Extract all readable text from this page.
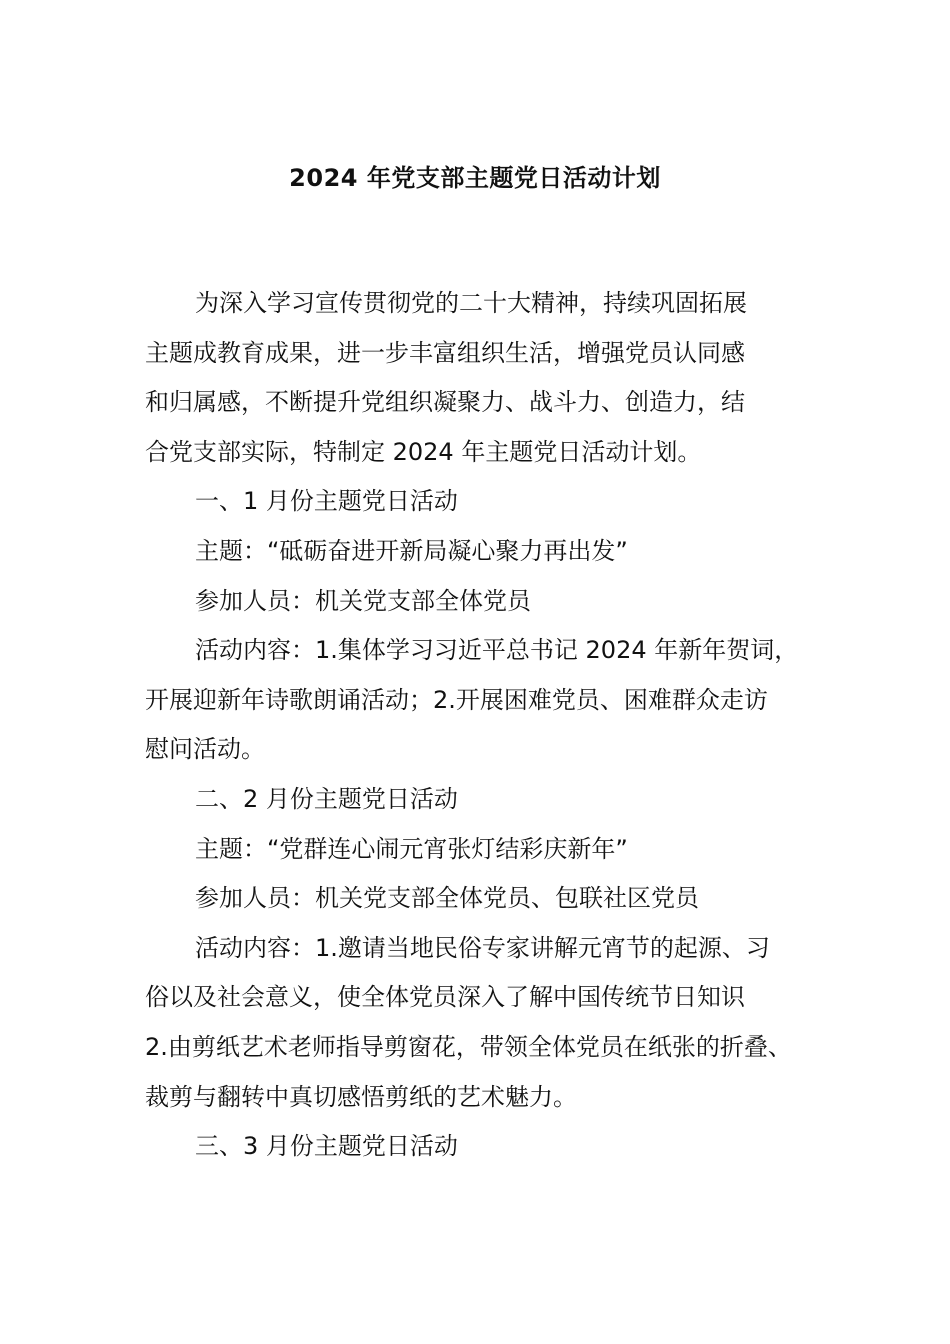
2024 年党支部主题党日活动计划
为深入学习宣传贯彻党的二十大精神，持续巩固拓展
主题成教育成果，进一步丰富组织生活，增强党员认同感
和归属感，不断提升党组织凝聚力、战斗力、创造力，结
合党支部实际，特制定 2024 年主题党日活动计划。
一、1 月份主题党日活动
主题：“砥砺奋进开新局凝心聚力再出发”
参加人员：机关党支部全体党员
活动内容：1.集体学习习近平总书记 2024 年新年贺词，
开展迎新年诗歌朗诵活动；2.开展困难党员、困难群众走访
慰问活动。
二、2 月份主题党日活动
主题：“党群连心闹元宵张灯结彩庆新年”
参加人员：机关党支部全体党员、包联社区党员
活动内容：1.邀请当地民俗专家讲解元宵节的起源、习
俗以及社会意义，使全体党员深入了解中国传统节日知识
2.由剪纸艺术老师指导剪窗花，带领全体党员在纸张的折叠、
裁剪与翻转中真切感悟剪纸的艺术魅力。
三、3 月份主题党日活动
